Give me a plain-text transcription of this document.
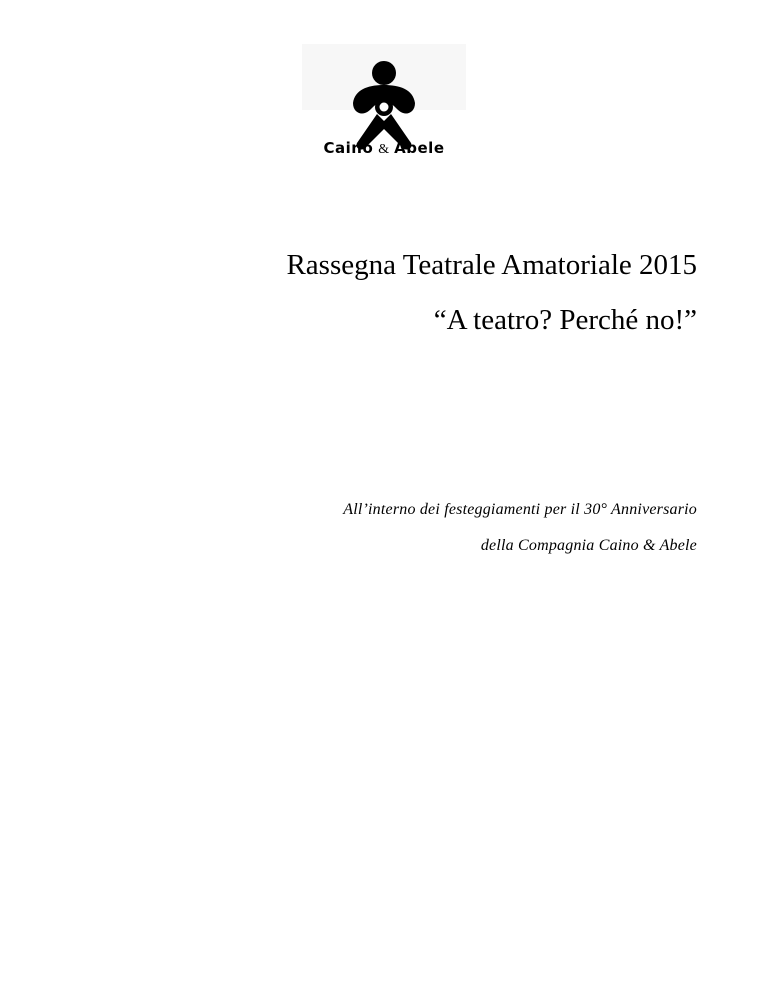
Caino & Abele
Rassegna Teatrale Amatoriale 2015
“A teatro? Perché no!”

All’interno dei festeggiamenti per il 30° Anniversario

della Compagnia Caino & Abele
